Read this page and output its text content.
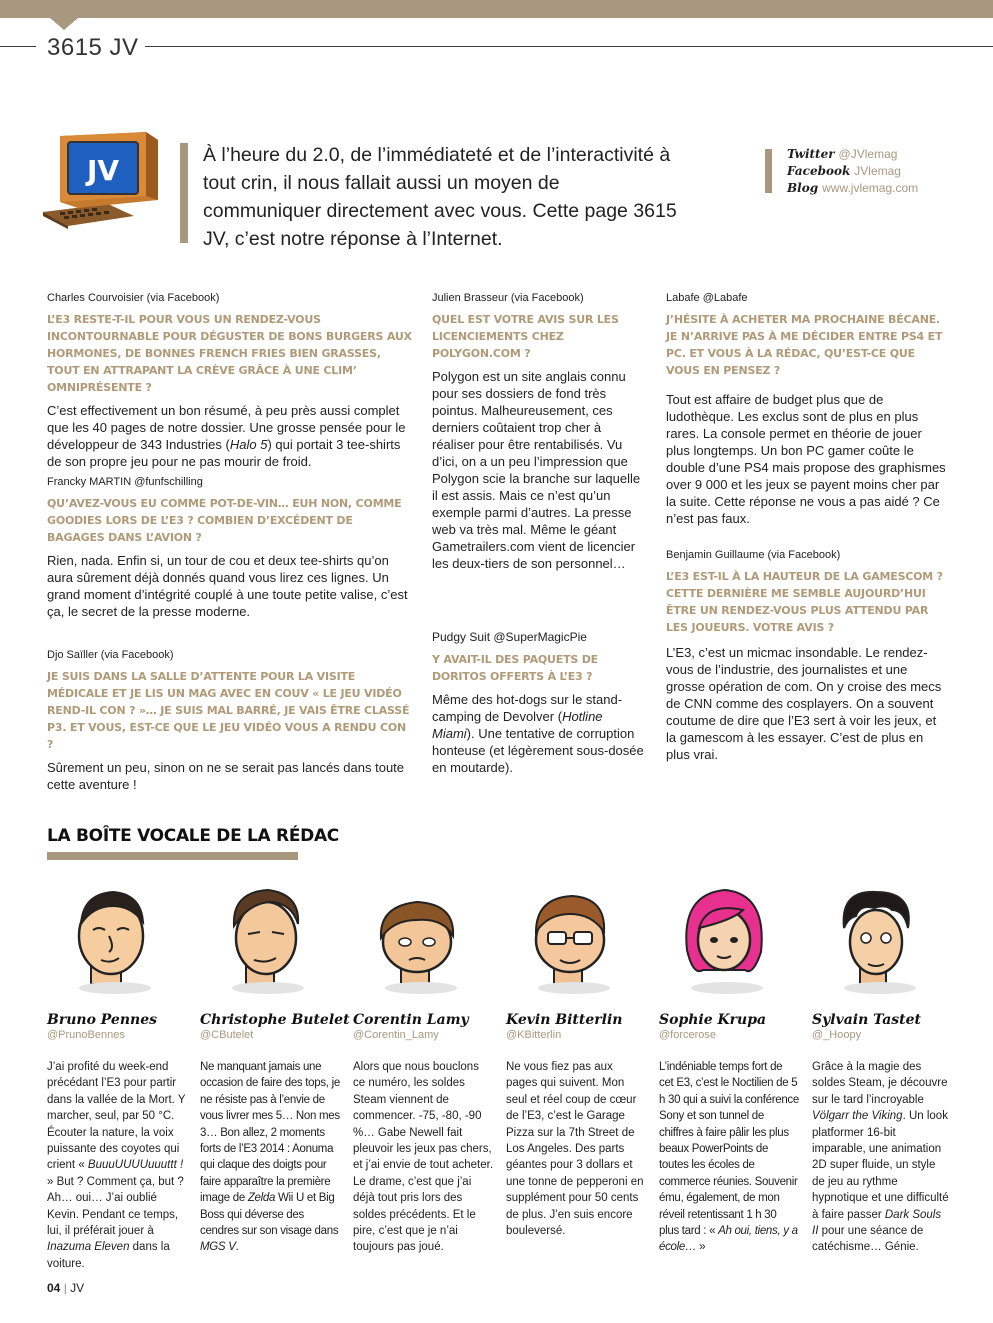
3615 JV
JV	À l’heure du 2.0, de l’immédiateté et de l’interactivité à tout crin, il nous fallait aussi un moyen de communiquer directement avec vous. Cette page 3615 JV, c’est notre réponse à l’Internet.
Twitter @JVlemag
Facebook JVlemag
Blog www.jvlemag.com
Charles Courvoisier (via Facebook)
L’E3 RESTE-T-IL POUR VOUS UN RENDEZ-VOUS INCONTOURNABLE POUR DÉGUSTER DE BONS BURGERS AUX HORMONES, DE BONNES FRENCH FRIES BIEN GRASSES, TOUT EN ATTRAPANT LA CRÈVE GRÂCE À UNE CLIM’ OMNIPRÉSENTE ?
C’est effectivement un bon résumé, à peu près aussi complet que les 40 pages de notre dossier. Une grosse pensée pour le développeur de 343 Industries (Halo 5) qui portait 3 tee-shirts de son propre jeu pour ne pas mourir de froid.
Francky MARTIN @funfschilling
QU’AVEZ-VOUS EU COMME POT-DE-VIN… EUH NON, COMME GOODIES LORS DE L’E3 ? COMBIEN D’EXCÉDENT DE BAGAGES DANS L’AVION ?
Rien, nada. Enfin si, un tour de cou et deux tee-shirts qu’on aura sûrement déjà donnés quand vous lirez ces lignes. Un grand moment d’intégrité couplé à une toute petite valise, c’est ça, le secret de la presse moderne.
Djo Saïller (via Facebook)
JE SUIS DANS LA SALLE D’ATTENTE POUR LA VISITE MÉDICALE ET JE LIS UN MAG AVEC EN COUV « LE JEU VIDÉO REND-IL CON ? »… JE SUIS MAL BARRÉ, JE VAIS ÊTRE CLASSÉ P3. ET VOUS, EST-CE QUE LE JEU VIDÉO VOUS A RENDU CON ?
Sûrement un peu, sinon on ne se serait pas lancés dans toute cette aventure !
Julien Brasseur (via Facebook)
QUEL EST VOTRE AVIS SUR LES LICENCIEMENTS CHEZ POLYGON.COM ?
Polygon est un site anglais connu pour ses dossiers de fond très pointus. Malheureusement, ces derniers coûtaient trop cher à réaliser pour être rentabilisés. Vu d’ici, on a un peu l’impression que Polygon scie la branche sur laquelle il est assis. Mais ce n’est qu’un exemple parmi d’autres. La presse web va très mal. Même le géant Gametrailers.com vient de licencier les deux-tiers de son personnel…
Pudgy Suit @SuperMagicPie
Y AVAIT-IL DES PAQUETS DE DORITOS OFFERTS À L’E3 ?
Même des hot-dogs sur le stand-camping de Devolver (Hotline Miami). Une tentative de corruption honteuse (et légèrement sous-dosée en moutarde).
Labafe @Labafe
J’HÉSITE À ACHETER MA PROCHAINE BÉCANE. JE N’ARRIVE PAS À ME DÉCIDER ENTRE PS4 ET PC. ET VOUS À LA RÉDAC, QU’EST-CE QUE VOUS EN PENSEZ ?
Tout est affaire de budget plus que de ludothèque. Les exclus sont de plus en plus rares. La console permet en théorie de jouer plus longtemps. Un bon PC gamer coûte le double d’une PS4 mais propose des graphismes over 9 000 et les jeux se payent moins cher par la suite. Cette réponse ne vous a pas aidé ? Ce n’est pas faux.
Benjamin Guillaume (via Facebook)
L’E3 EST-IL À LA HAUTEUR DE LA GAMESCOM ? CETTE DERNIÈRE ME SEMBLE AUJOURD’HUI ÊTRE UN RENDEZ-VOUS PLUS ATTENDU PAR LES JOUEURS. VOTRE AVIS ?
L’E3, c’est un micmac insondable. Le rendez-vous de l’industrie, des journalistes et une grosse opération de com. On y croise des mecs de CNN comme des cosplayers. On a souvent coutume de dire que l’E3 sert à voir les jeux, et la gamescom à les essayer. C’est de plus en plus vrai.
LA BOÎTE VOCALE DE LA RÉDAC
Bruno Pennes
@PrunoBennes
J’ai profité du week-end précédant l’E3 pour partir dans la vallée de la Mort. Y marcher, seul, par 50 °C. Écouter la nature, la voix puissante des coyotes qui crient « BuuuUUUUuuuttt ! » But ? Comment ça, but ? Ah… oui… J’ai oublié Kevin. Pendant ce temps, lui, il préférait jouer à Inazuma Eleven dans la voiture.
Christophe Butelet
@CButelet
Ne manquant jamais une occasion de faire des tops, je ne résiste pas à l’envie de vous livrer mes 5… Non mes 3… Bon allez, 2 moments forts de l’E3 2014 : Aonuma qui claque des doigts pour faire apparaître la première image de Zelda Wii U et Big Boss qui déverse des cendres sur son visage dans MGS V.
Corentin Lamy
@Corentin_Lamy
Alors que nous bouclons ce numéro, les soldes Steam viennent de commencer. -75, -80, -90 %… Gabe Newell fait pleuvoir les jeux pas chers, et j’ai envie de tout acheter. Le drame, c’est que j’ai déjà tout pris lors des soldes précédents. Et le pire, c’est que je n’ai toujours pas joué.
Kevin Bitterlin
@KBitterlin
Ne vous fiez pas aux pages qui suivent. Mon seul et réel coup de cœur de l’E3, c’est le Garage Pizza sur la 7th Street de Los Angeles. Des parts géantes pour 3 dollars et une tonne de pepperoni en supplément pour 50 cents de plus. J’en suis encore bouleversé.
Sophie Krupa
@forcerose
L’indéniable temps fort de cet E3, c’est le Noctilien de 5 h 30 qui a suivi la conférence Sony et son tunnel de chiffres à faire pâlir les plus beaux PowerPoints de toutes les écoles de commerce réunies. Souvenir ému, également, de mon réveil retentissant 1 h 30 plus tard : « Ah oui, tiens, y a école… »
Sylvain Tastet
@_Hoopy
Grâce à la magie des soldes Steam, je découvre sur le tard l’incroyable Völgarr the Viking. Un look platformer 16-bit imparable, une animation 2D super fluide, un style de jeu au rythme hypnotique et une difficulté à faire passer Dark Souls II pour une séance de catéchisme… Génie.
04 | JV
